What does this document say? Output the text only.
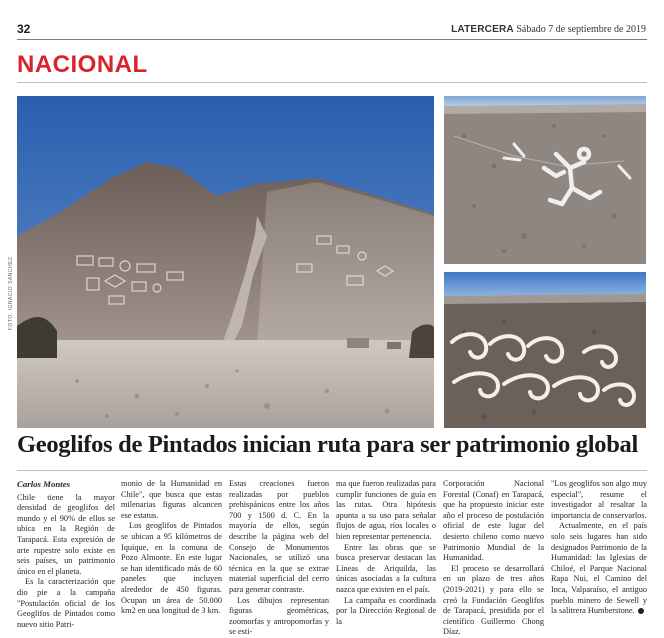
32	LATERCERA Sábado 7 de septiembre de 2019
NACIONAL
FOTO: IGNACIO SÁNCHEZ
Geoglifos de Pintados inician ruta para ser patrimonio global
Carlos Montes

Chile tiene la mayor densidad de geoglifos del mundo y el 90% de ellos se ubica en la Región de Tarapacá. Esta expresión de arte rupestre solo existe en seis países, un patrimonio único en el planeta.

Es la caracterización que dio pie a la campaña "Postulación oficial de los Geoglifos de Pintados como nuevo sitio Patri-

monio de la Humanidad en Chile", que busca que estas milenarias figuras alcancen ese estatus.

Los geoglifos de Pintados se ubican a 95 kilómetros de Iquique, en la comuna de Pozo Almonte. En este lugar se han identificado más de 60 paneles que incluyen alrededor de 450 figuras. Ocupan un área de 50.000 km2 en una longitud de 3 km.

Estas creaciones fueron realizadas por pueblos prehispánicos entre los años 700 y 1500 d. C. En la mayoría de ellos, según describe la página web del Consejo de Monumentos Nacionales, se utilizó una técnica en la que se extrae material superficial del cerro para generar contraste.

Los dibujos representan figuras geométricas, zoomorfas y antropomorfas y se esti-

ma que fueron realizadas para cumplir funciones de guía en las rutas. Otra hipótesis apunta a su uso para señalar flujos de agua, ríos locales o bien representar pertenencia.

Entre las obras que se busca preservar destacan las Líneas de Ariquilda, las únicas asociadas a la cultura nazca que existen en el país.

La campaña es coordinada por la Dirección Regional de la

Corporación Nacional Forestal (Conaf) en Tarapacá, que ha propuesto iniciar este año el proceso de postulación oficial de este lugar del desierto chileno como nuevo Patrimonio Mundial de la Humanidad.

El proceso se desarrollará en un plazo de tres años (2019-2021) y para ello se creó la Fundación Geoglifos de Tarapacá, presidida por el científico Guillermo Chong Díaz.

"Los geoglifos son algo muy especial", resume el investigador al resaltar la importancia de conservarlos.

Actualmente, en el país solo seis lugares han sido designados Patrimonio de la Humanidad: las Iglesias de Chiloé, el Parque Nacional Rapa Nui, el Camino del Inca, Valparaíso, el antiguo pueblo minero de Sewell y la salitrera Humberstone.
